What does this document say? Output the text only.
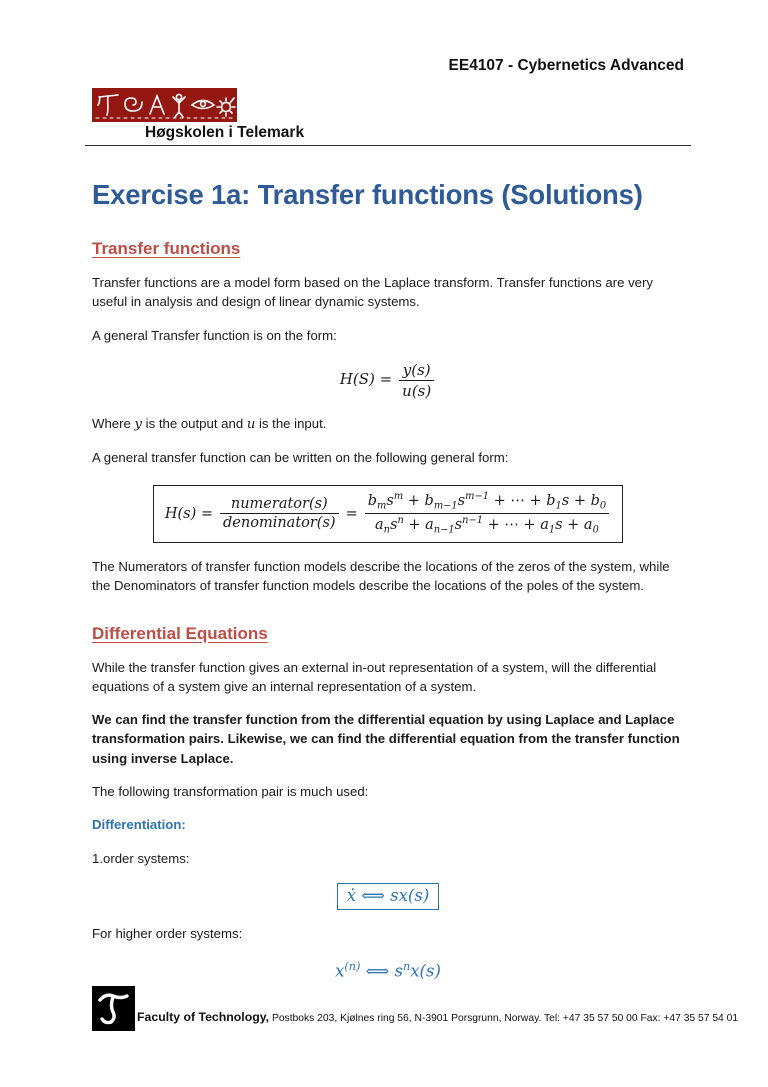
EE4107 - Cybernetics Advanced
Høgskolen i Telemark
Exercise 1a: Transfer functions (Solutions)
Transfer functions

Transfer functions are a model form based on the Laplace transform. Transfer functions are very useful in analysis and design of linear dynamic systems.

A general Transfer function is on the form:

$H(S) = \frac{y(s)}{u(s)}$

Where y is the output and u is the input.

A general transfer function can be written on the following general form:

$H(s) = \frac{\text{numerator(s)}}{\text{denominator(s)}} = \frac{b_ms^m + b_{m-1}s^{m-1} + \cdots + b_1s + b_0}{a_ns^n + a_{n-1}s^{n-1} + \cdots + a_1s + a_0}$

The Numerators of transfer function models describe the locations of the zeros of the system, while the Denominators of transfer function models describe the locations of the poles of the system.

Differential Equations

While the transfer function gives an external in-out representation of a system, will the differential equations of a system give an internal representation of a system.

We can find the transfer function from the differential equation by using Laplace and Laplace transformation pairs. Likewise, we can find the differential equation from the transfer function using inverse Laplace.

The following transformation pair is much used:

Differentiation:

1.order systems:

ẋ ⟺ sx(s)

For higher order systems:

$x^{(n)}$ ⟺ $s^nx(s)$
Faculty of Technology, Postboks 203, Kjølnes ring 56, N-3901 Porsgrunn, Norway. Tel: +47 35 57 50 00 Fax: +47 35 57 54 01
